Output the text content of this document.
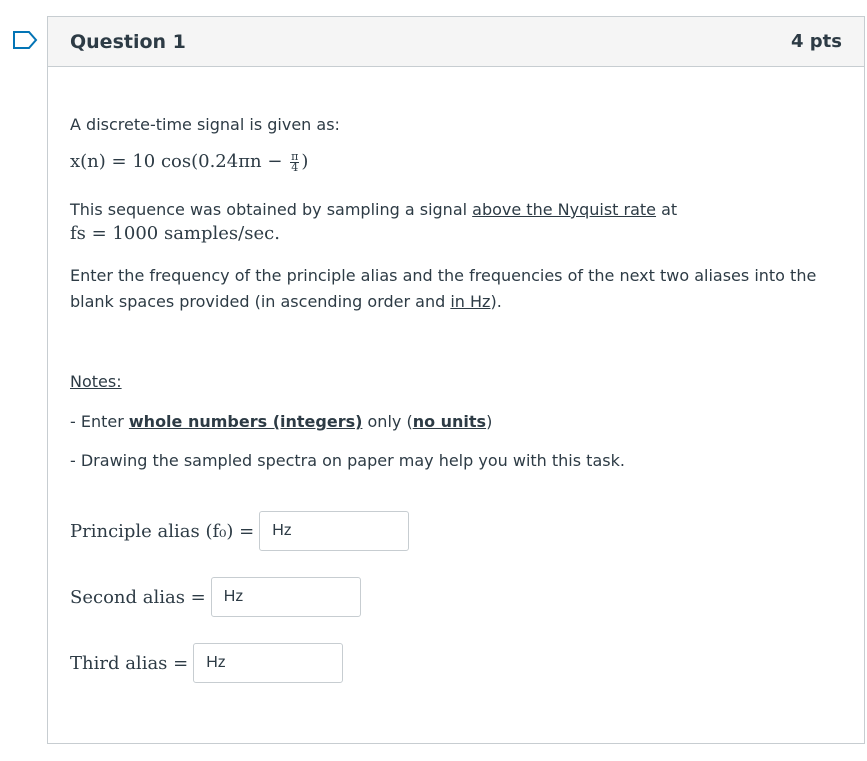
Question 1	4 pts

A discrete-time signal is given as:

x(n) = 10 $\cos(0.24\pi n - \frac{\pi}{4}$ )

This sequence was obtained by sampling a signal above the Nyquist rate at

fs = 1000 samples/sec.

Enter the frequency of the principle alias and the frequencies of the next two aliases into the blank spaces provided (in ascending order and in Hz).

Notes:

- Enter whole numbers (integers) only (no units)

- Drawing the sampled spectra on paper may help you with this task.

Principle alias (f₀) =
Hz
Second alias =
Hz
Third alias =
Hz
